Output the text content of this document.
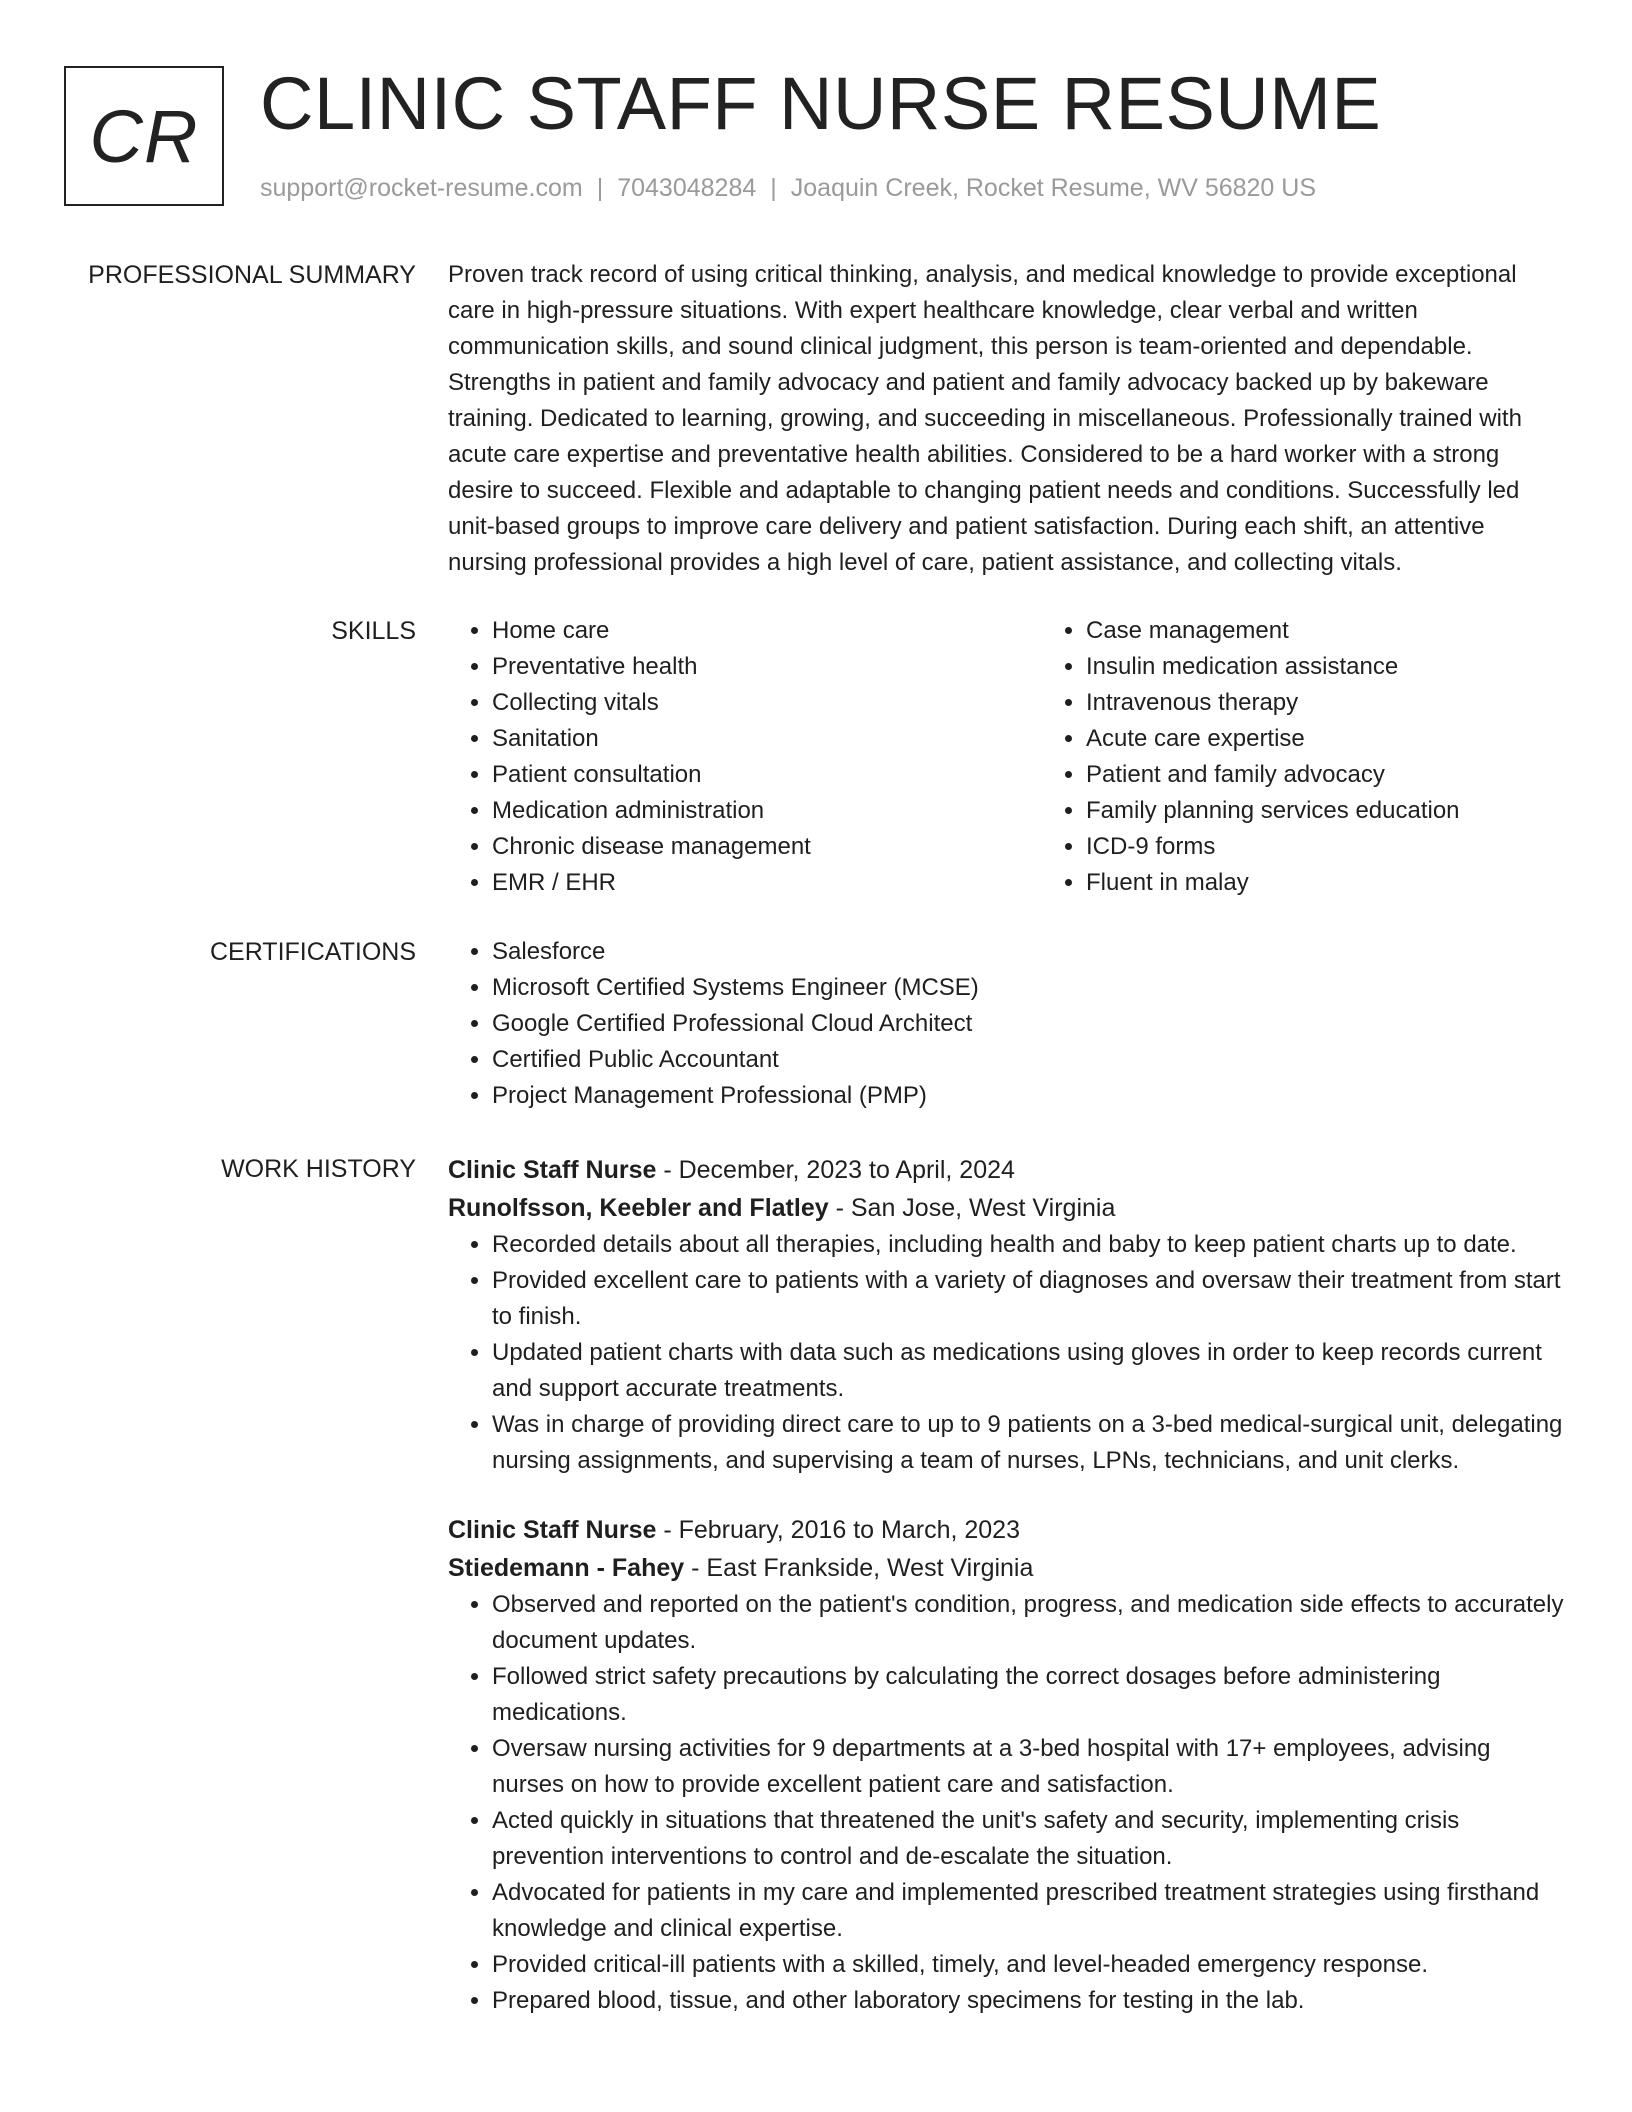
CR CLINIC STAFF NURSE RESUME
support@rocket-resume.com | 7043048284 | Joaquin Creek, Rocket Resume, WV 56820 US
PROFESSIONAL SUMMARY Proven track record of using critical thinking, analysis, and medical knowledge to provide exceptional care in high-pressure situations. With expert healthcare knowledge, clear verbal and written communication skills, and sound clinical judgment, this person is team-oriented and dependable. Strengths in patient and family advocacy and patient and family advocacy backed up by bakeware training. Dedicated to learning, growing, and succeeding in miscellaneous. Professionally trained with acute care expertise and preventative health abilities. Considered to be a hard worker with a strong desire to succeed. Flexible and adaptable to changing patient needs and conditions. Successfully led unit-based groups to improve care delivery and patient satisfaction. During each shift, an attentive nursing professional provides a high level of care, patient assistance, and collecting vitals.

SKILLS	• Home care
• Preventative health
• Collecting vitals
• Sanitation
• Patient consultation
• Medication administration
• Chronic disease management
• EMR / EHR
• Case management
• Insulin medication assistance
• Intravenous therapy
• Acute care expertise
• Patient and family advocacy
• Family planning services education
• ICD-9 forms
• Fluent in malay
CERTIFICATIONS	• Salesforce
• Microsoft Certified Systems Engineer (MCSE)
• Google Certified Professional Cloud Architect
• Certified Public Accountant
• Project Management Professional (PMP)
WORK HISTORY Clinic Staff Nurse - December, 2023 to April, 2024
Runolfsson, Keebler and Flatley - San Jose, West Virginia
• Recorded details about all therapies, including health and baby to keep patient charts up to date.
• Provided excellent care to patients with a variety of diagnoses and oversaw their treatment from start to finish.
• Updated patient charts with data such as medications using gloves in order to keep records current and support accurate treatments.
• Was in charge of providing direct care to up to 9 patients on a 3-bed medical-surgical unit, delegating nursing assignments, and supervising a team of nurses, LPNs, technicians, and unit clerks.
Clinic Staff Nurse - February, 2016 to March, 2023
Stiedemann - Fahey - East Frankside, West Virginia
• Observed and reported on the patient's condition, progress, and medication side effects to accurately document updates.
• Followed strict safety precautions by calculating the correct dosages before administering medications.
• Oversaw nursing activities for 9 departments at a 3-bed hospital with 17+ employees, advising nurses on how to provide excellent patient care and satisfaction.
• Acted quickly in situations that threatened the unit's safety and security, implementing crisis prevention interventions to control and de-escalate the situation.
• Advocated for patients in my care and implemented prescribed treatment strategies using firsthand knowledge and clinical expertise.
• Provided critical-ill patients with a skilled, timely, and level-headed emergency response.
• Prepared blood, tissue, and other laboratory specimens for testing in the lab.
